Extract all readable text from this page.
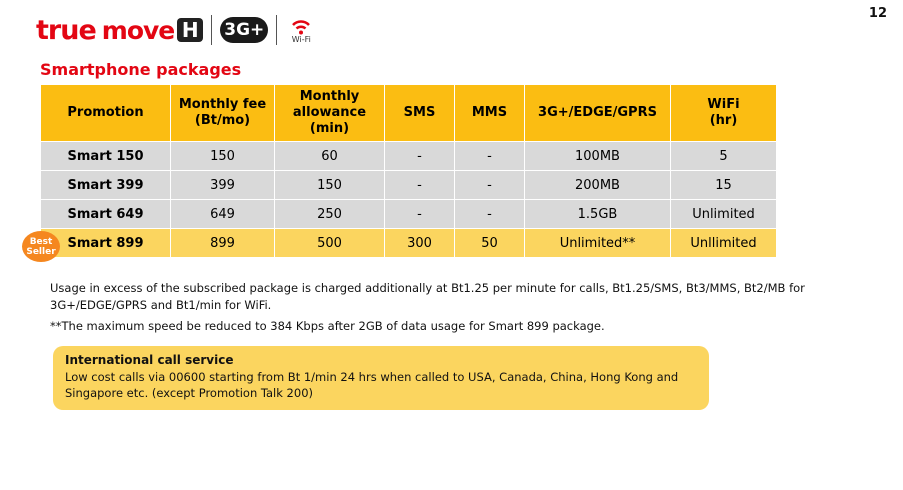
true move H 3G+	Wi-Fi
12
Smartphone packages
Promotion	Monthly fee (Bt/mo)	Monthly allowance (min)	SMS	MMS	3G+/EDGE/GPRS	WiFi (hr)

Smart 150	150	60	-	-	100MB	5
Smart 399	399	150	-	-	200MB	15
Smart 649	649	250	-	-	1.5GB	Unlimited
Smart 899	899	500	300	50	Unlimited**	Unllimited
Best
Seller
Usage in excess of the subscribed package is charged additionally at Bt1.25 per minute for calls, Bt1.25/SMS, Bt3/MMS, Bt2/MB for 3G+/EDGE/GPRS and Bt1/min for WiFi.
**The maximum speed be reduced to 384 Kbps after 2GB of data usage for Smart 899 package.
International call service
Low cost calls via 00600 starting from Bt 1/min 24 hrs when called to USA, Canada, China, Hong Kong and Singapore etc. (except Promotion Talk 200)
